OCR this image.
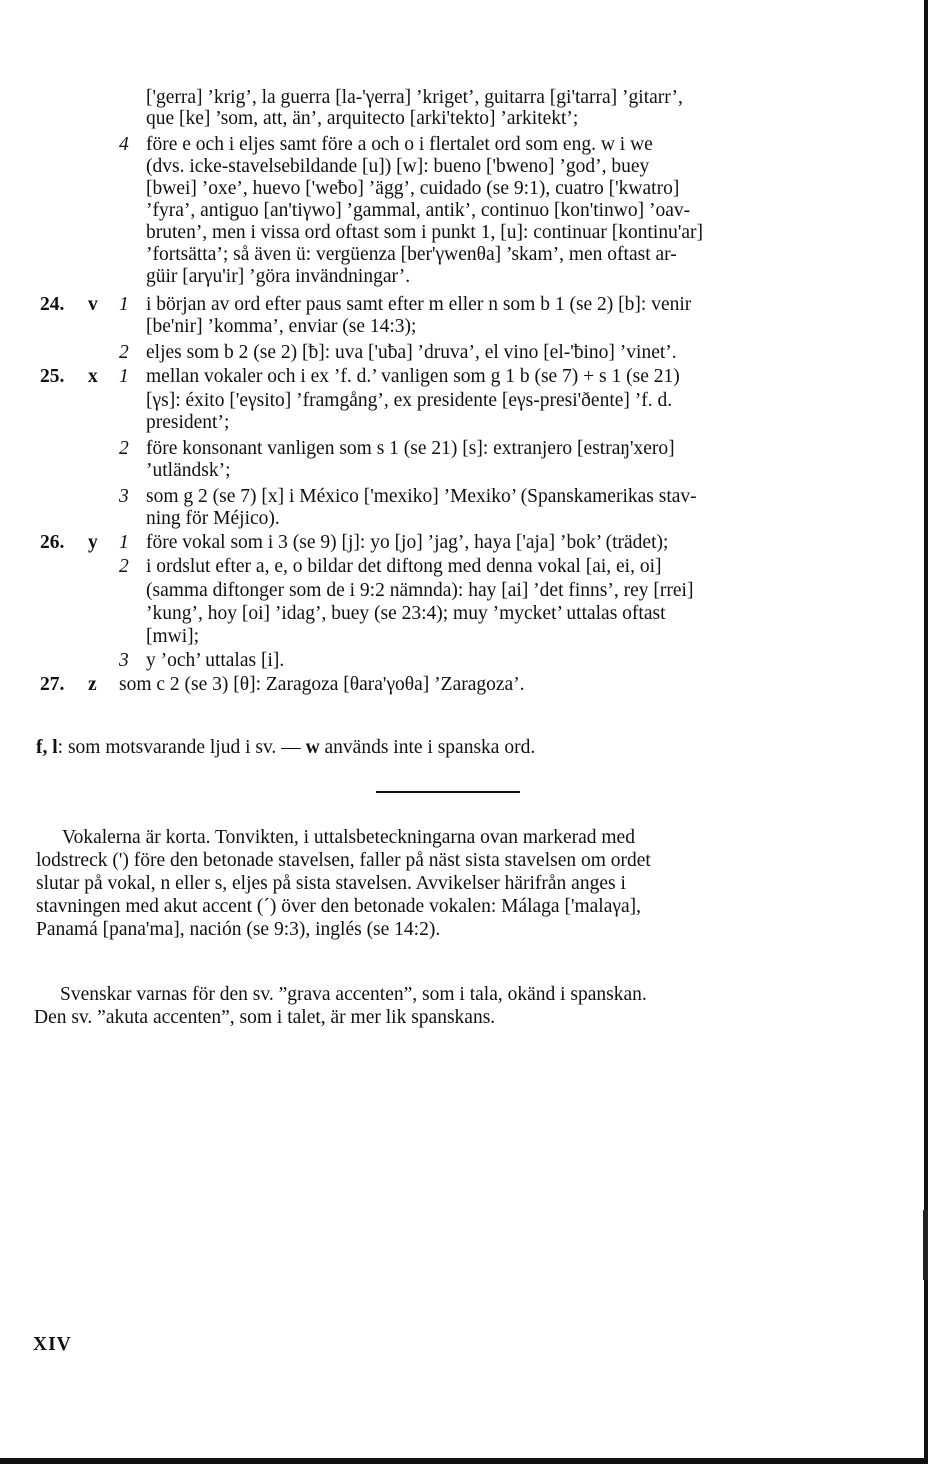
['gerra] ’krig’, la guerra [la-'γerra] ’kriget’, guitarra [gi'tarra] ’gitarr’,
que [ke] ’som, att, än’, arquitecto [arki'tekto] ’arkitekt’;
4 före e och i eljes samt före a och o i flertalet ord som eng. w i we
(dvs. icke-stavelsebildande [u]) [w]: bueno ['bweno] ’god’, buey
[bwei] ’oxe’, huevo ['weƀo] ’ägg’, cuidado (se 9:1), cuatro ['kwatro]
’fyra’, antiguo [an'tiγwo] ’gammal, antik’, continuo [kon'tinwo] ’oav-
bruten’, men i vissa ord oftast som i punkt 1, [u]: continuar [kontinu'ar]
’fortsätta’; så även ü: vergüenza [ber'γwenθa] ’skam’, men oftast ar-
güir [arγu'ir] ’göra invändningar’.
24. v 1 i början av ord efter paus samt efter m eller n som b 1 (se 2) [b]: venir
[be'nir] ’komma’, enviar (se 14:3);
2 eljes som b 2 (se 2) [ƀ]: uva ['uƀa] ’druva’, el vino [el-'ƀino] ’vinet’.
25. x 1 mellan vokaler och i ex ’f. d.’ vanligen som g 1 b (se 7) + s 1 (se 21)
[γs]: éxito ['eγsito] ’framgång’, ex presidente [eγs-presi'ðente] ’f. d.
president’;
2 före konsonant vanligen som s 1 (se 21) [s]: extranjero [estraŋ'xero]
’utländsk’;
3 som g 2 (se 7) [x] i México ['mexiko] ’Mexiko’ (Spanskamerikas stav-
ning för Méjico).
26. y 1 före vokal som i 3 (se 9) [j]: yo [jo] ’jag’, haya ['aja] ’bok’ (trädet);
2 i ordslut efter a, e, o bildar det diftong med denna vokal [ai, ei, oi]
(samma diftonger som de i 9:2 nämnda): hay [ai] ’det finns’, rey [rrei]
’kung’, hoy [oi] ’idag’, buey (se 23:4); muy ’mycket’ uttalas oftast
[mwi];
3 y ’och’ uttalas [i].
27. z som c 2 (se 3) [θ]: Zaragoza [θara'γoθa] ’Zaragoza’.
f, l: som motsvarande ljud i sv. — w används inte i spanska ord.
Vokalerna är korta. Tonvikten, i uttalsbeteckningarna ovan markerad med
lodstreck (') före den betonade stavelsen, faller på näst sista stavelsen om ordet
slutar på vokal, n eller s, eljes på sista stavelsen. Avvikelser härifrån anges i
stavningen med akut accent (´) över den betonade vokalen: Málaga ['malaγa],
Panamá [pana'ma], nación (se 9:3), inglés (se 14:2).
Svenskar varnas för den sv. ”grava accenten”, som i tala, okänd i spanskan.
Den sv. ”akuta accenten”, som i talet, är mer lik spanskans.
XIV
